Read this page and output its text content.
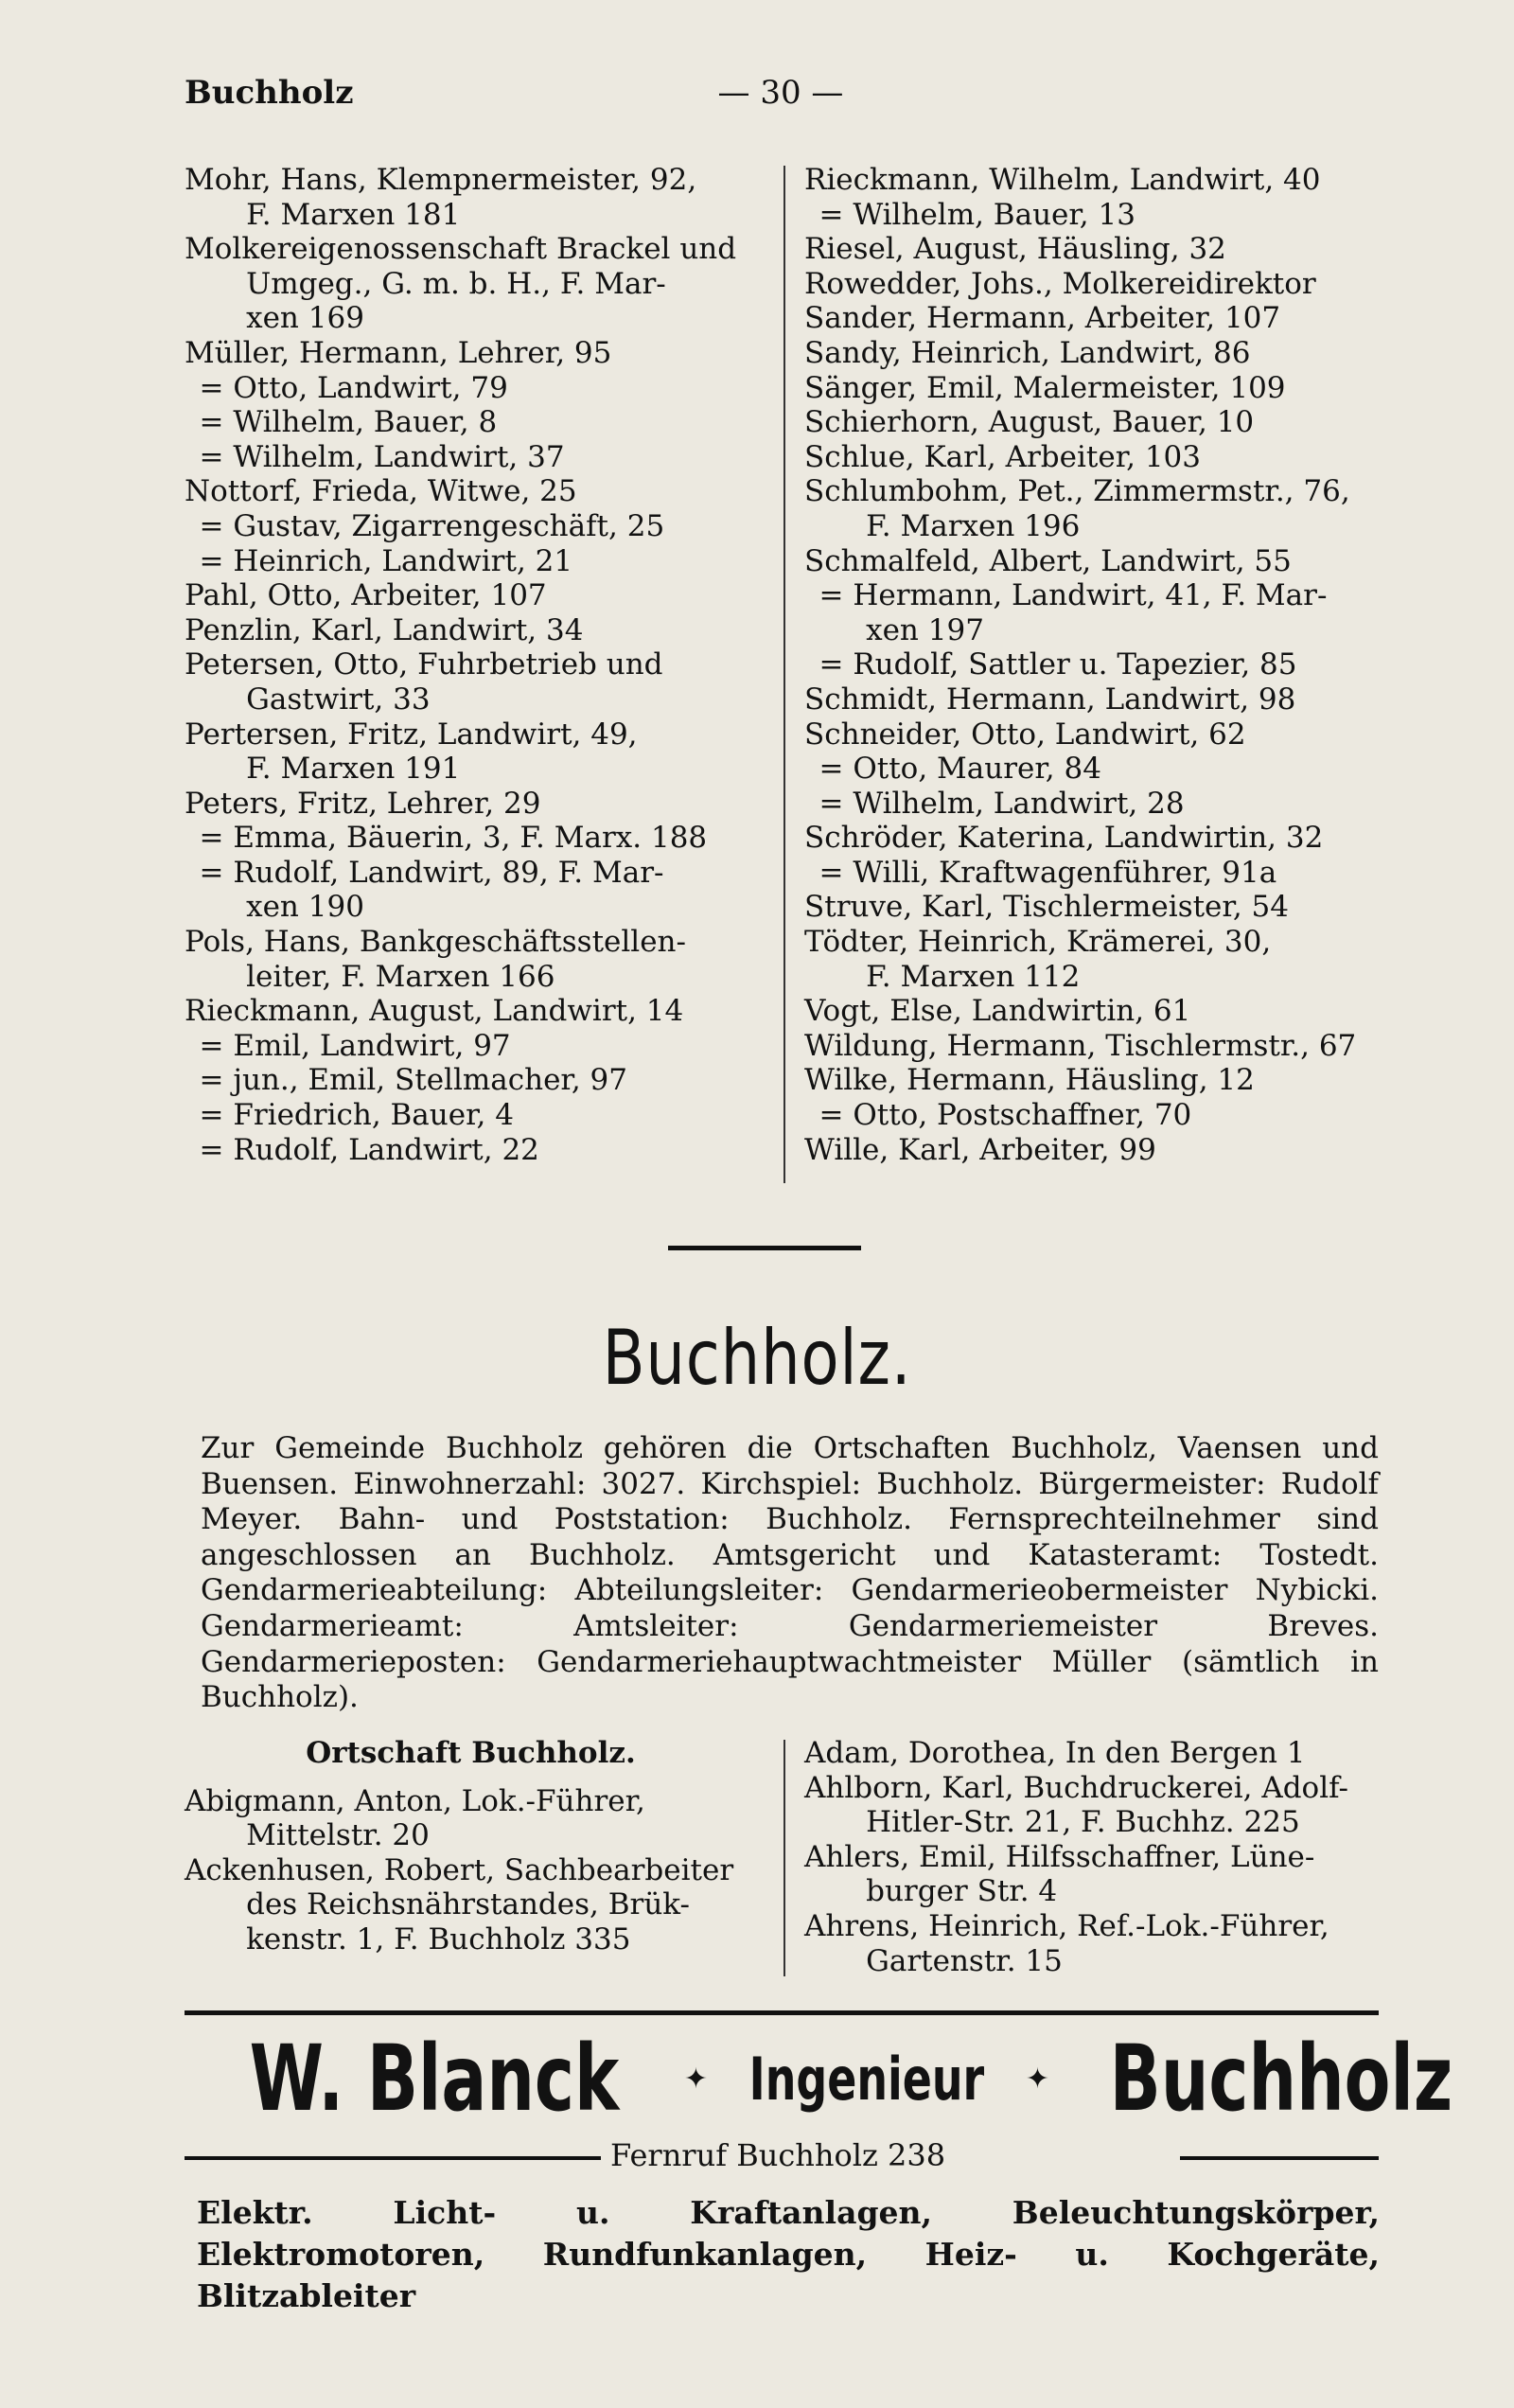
Buchholz	— 30 —
Mohr, Hans, Klempnermeister, 92,
F. Marxen 181
Molkereigenossenschaft Brackel und
Umgeg., G. m. b. H., F. Mar-
xen 169
Müller, Hermann, Lehrer, 95
= Otto, Landwirt, 79
= Wilhelm, Bauer, 8
= Wilhelm, Landwirt, 37
Nottorf, Frieda, Witwe, 25
= Gustav, Zigarrengeschäft, 25
= Heinrich, Landwirt, 21
Pahl, Otto, Arbeiter, 107
Penzlin, Karl, Landwirt, 34
Petersen, Otto, Fuhrbetrieb und
Gastwirt, 33
Pertersen, Fritz, Landwirt, 49,
F. Marxen 191
Peters, Fritz, Lehrer, 29
= Emma, Bäuerin, 3, F. Marx. 188
= Rudolf, Landwirt, 89, F. Mar-
xen 190
Pols, Hans, Bankgeschäftsstellen-
leiter, F. Marxen 166
Rieckmann, August, Landwirt, 14
= Emil, Landwirt, 97
= jun., Emil, Stellmacher, 97
= Friedrich, Bauer, 4
= Rudolf, Landwirt, 22
Rieckmann, Wilhelm, Landwirt, 40
= Wilhelm, Bauer, 13
Riesel, August, Häusling, 32
Rowedder, Johs., Molkereidirektor
Sander, Hermann, Arbeiter, 107
Sandy, Heinrich, Landwirt, 86
Sänger, Emil, Malermeister, 109
Schierhorn, August, Bauer, 10
Schlue, Karl, Arbeiter, 103
Schlumbohm, Pet., Zimmermstr., 76,
F. Marxen 196
Schmalfeld, Albert, Landwirt, 55
= Hermann, Landwirt, 41, F. Mar-
xen 197
= Rudolf, Sattler u. Tapezier, 85
Schmidt, Hermann, Landwirt, 98
Schneider, Otto, Landwirt, 62
= Otto, Maurer, 84
= Wilhelm, Landwirt, 28
Schröder, Katerina, Landwirtin, 32
= Willi, Kraftwagenführer, 91a
Struve, Karl, Tischlermeister, 54
Tödter, Heinrich, Krämerei, 30,
F. Marxen 112
Vogt, Else, Landwirtin, 61
Wildung, Hermann, Tischlermstr., 67
Wilke, Hermann, Häusling, 12
= Otto, Postschaffner, 70
Wille, Karl, Arbeiter, 99
Buchholz.
Zur Gemeinde Buchholz gehören die Ortschaften Buchholz, Vaensen und Buensen. Einwohnerzahl: 3027. Kirchspiel: Buchholz. Bürgermeister: Rudolf Meyer. Bahn- und Poststation: Buchholz. Fernsprechteilnehmer sind angeschlossen an Buchholz. Amtsgericht und Katasteramt: Tostedt. Gendarmerieabteilung: Abteilungsleiter: Gendarmerieobermeister Nybicki. Gendarmerieamt: Amtsleiter: Gendarmeriemeister Breves. Gendarmerieposten: Gendarmeriehauptwachtmeister Müller (sämtlich in Buchholz).
Ortschaft Buchholz.
Abigmann, Anton, Lok.-Führer,
Mittelstr. 20
Ackenhusen, Robert, Sachbearbeiter
des Reichsnährstandes, Brük-
kenstr. 1, F. Buchholz 335
Adam, Dorothea, In den Bergen 1
Ahlborn, Karl, Buchdruckerei, Adolf-
Hitler-Str. 21, F. Buchhz. 225
Ahlers, Emil, Hilfsschaffner, Lüne-
burger Str. 4
Ahrens, Heinrich, Ref.-Lok.-Führer,
Gartenstr. 15
W. Blanck ✦ Ingenieur ✦ Buchholz
Fernruf Buchholz 238
Elektr. Licht- u. Kraftanlagen, Beleuchtungskörper, Elektromotoren, Rundfunkanlagen, Heiz- u. Kochgeräte, Blitzableiter
